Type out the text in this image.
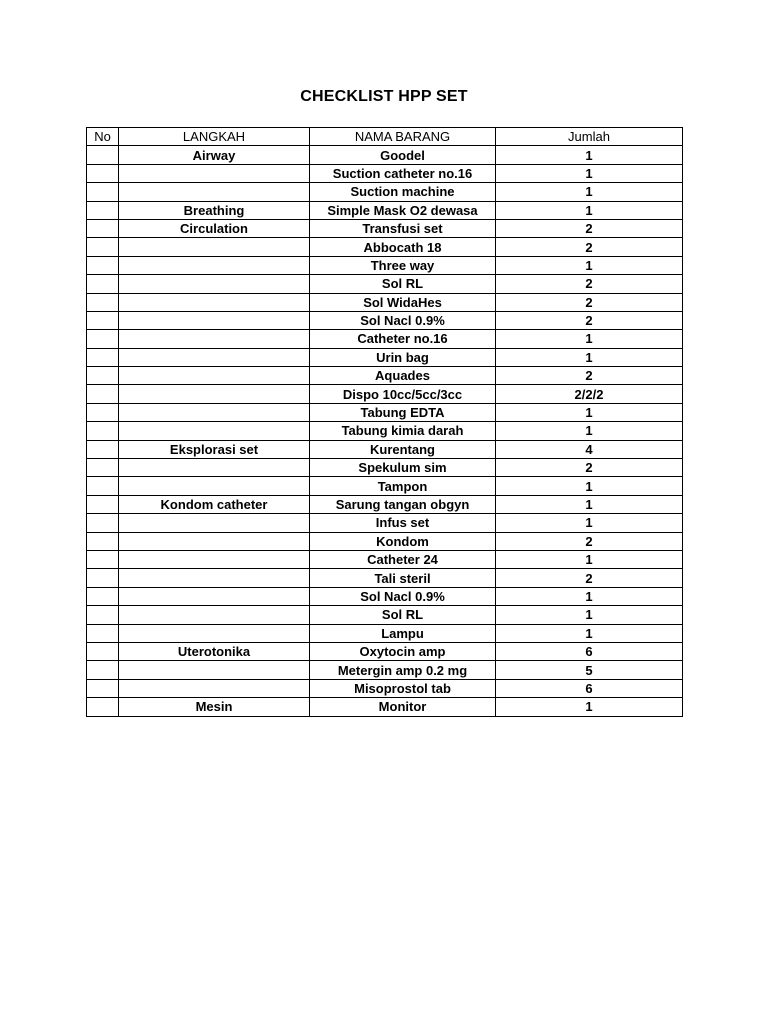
CHECKLIST HPP SET
No	LANGKAH	NAMA BARANG	Jumlah
	Airway	Goodel	1
		Suction catheter no.16	1
		Suction machine	1
	Breathing	Simple Mask O2 dewasa	1
	Circulation	Transfusi set	2
		Abbocath 18	2
		Three way	1
		Sol RL	2
		Sol WidaHes	2
		Sol Nacl 0.9%	2
		Catheter no.16	1
		Urin bag	1
		Aquades	2
		Dispo 10cc/5cc/3cc	2/2/2
		Tabung EDTA	1
		Tabung kimia darah	1
	Eksplorasi set	Kurentang	4
		Spekulum sim	2
		Tampon	1
	Kondom catheter	Sarung tangan obgyn	1
		Infus set	1
		Kondom	2
		Catheter 24	1
		Tali steril	2
		Sol Nacl 0.9%	1
		Sol RL	1
		Lampu	1
	Uterotonika	Oxytocin amp	6
		Metergin amp 0.2 mg	5
		Misoprostol tab	6
	Mesin	Monitor	1
